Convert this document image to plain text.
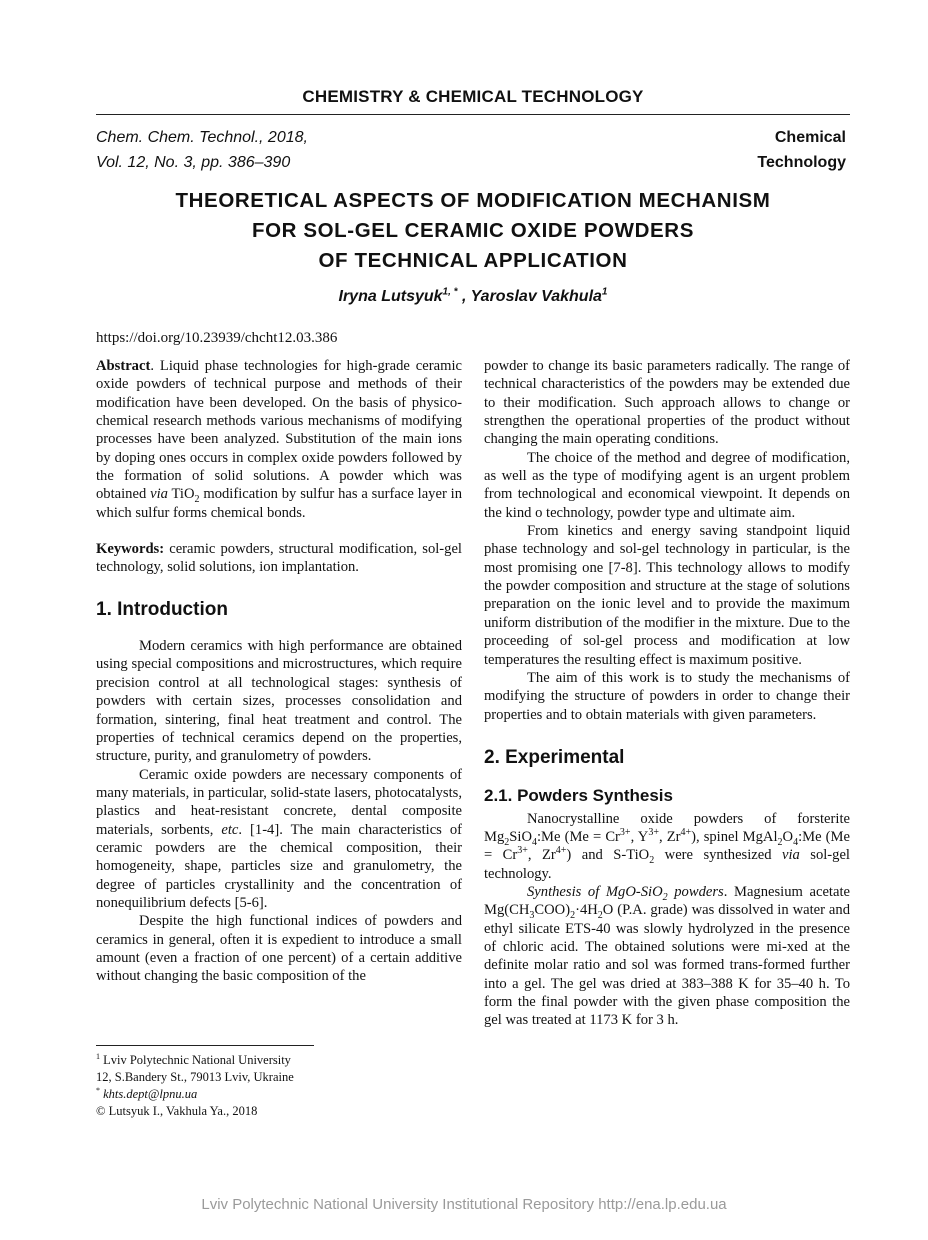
CHEMISTRY & CHEMICAL TECHNOLOGY
Chem. Chem. Technol., 2018,
Vol. 12, No. 3, pp. 386–390
Chemical
Technology
THEORETICAL ASPECTS OF MODIFICATION MECHANISM
FOR SOL-GEL CERAMIC OXIDE POWDERS
OF TECHNICAL APPLICATION
Iryna Lutsyuk$^{1, *}$ , Yaroslav Vakhula$^1$
https://doi.org/10.23939/chcht12.03.386

Abstract. Liquid phase technologies for high-grade ceramic oxide powders of technical purpose and methods of their modification have been developed. On the basis of physico-chemical research methods various mechanisms of modifying processes have been analyzed. Substitution of the main ions by doping ones occurs in complex oxide powders followed by the formation of solid solutions. A powder which was obtained via TiO$_2$ modification by sulfur has a surface layer in which sulfur forms chemical bonds.

Keywords: ceramic powders, structural modification, sol-gel technology, solid solutions, ion implantation.

1. Introduction

Modern ceramics with high performance are obtained using special compositions and microstructures, which require precision control at all technological stages: synthesis of powders with certain sizes, processes consolidation and formation, sintering, final heat treatment and control. The properties of technical ceramics depend on the properties, structure, purity, and granulometry of powders.

Ceramic oxide powders are necessary components of many materials, in particular, solid-state lasers, photocatalysts, plastics and heat-resistant concrete, dental composite materials, sorbents, etc. [1-4]. The main characteristics of ceramic powders are the chemical composition, their homogeneity, shape, particles size and granulometry, the degree of particles crystallinity and the concentration of nonequilibrium defects [5-6].

Despite the high functional indices of powders and ceramics in general, often it is expedient to introduce a small amount (even a fraction of one percent) of a certain additive without changing the basic composition of the

powder to change its basic parameters radically. The range of technical characteristics of the powders may be extended due to their modification. Such approach allows to change or strengthen the operational properties of the product without changing the main operating conditions.

The choice of the method and degree of modification, as well as the type of modifying agent is an urgent problem from technological and economical viewpoint. It depends on the kind o technology, powder type and ultimate aim.

From kinetics and energy saving standpoint liquid phase technology and sol-gel technology in particular, is the most promising one [7-8]. This technology allows to modify the powder composition and structure at the stage of solutions preparation on the ionic level and to provide the maximum uniform distribution of the modifier in the mixture. Due to the proceeding of sol-gel process and modification at low temperatures the resulting effect is maximum positive.

The aim of this work is to study the mechanisms of modifying the structure of powders in order to change their properties and to obtain materials with given parameters.

2. Experimental
2.1. Powders Synthesis

Nanocrystalline oxide powders of forsterite $Mg_2SiO_4:Me$ ($Me = Cr^{3+}$, $Y^{3+}$, $Zr^{4+}$), spinel $MgAl_2O_4:Me$ ($Me = Cr^{3+}$, $Zr^{4+}$) and S-TiO$_2$ were synthesized via sol-gel technology.

Synthesis of MgO-SiO$_2$ powders. Magnesium acetate $Mg(CH_3COO)_2\cdot 4H_2O$ (P.A. grade) was dissolved in water and ethyl silicate ETS-40 was slowly hydrolyzed in the presence of chloric acid. The obtained solutions were mi-xed at the definite molar ratio and sol was formed trans-formed further into a gel. The gel was dried at 383–388 K for 35–40 h. To form the final powder with the given phase composition the gel was treated at 1173 K for 3 h.

$^1$ Lviv Polytechnic National University
12, S.Bandery St., 79013 Lviv, Ukraine
* khts.dept@lpnu.ua
© Lutsyuk I., Vakhula Ya., 2018
Lviv Polytechnic National University Institutional Repository http://ena.lp.edu.ua
